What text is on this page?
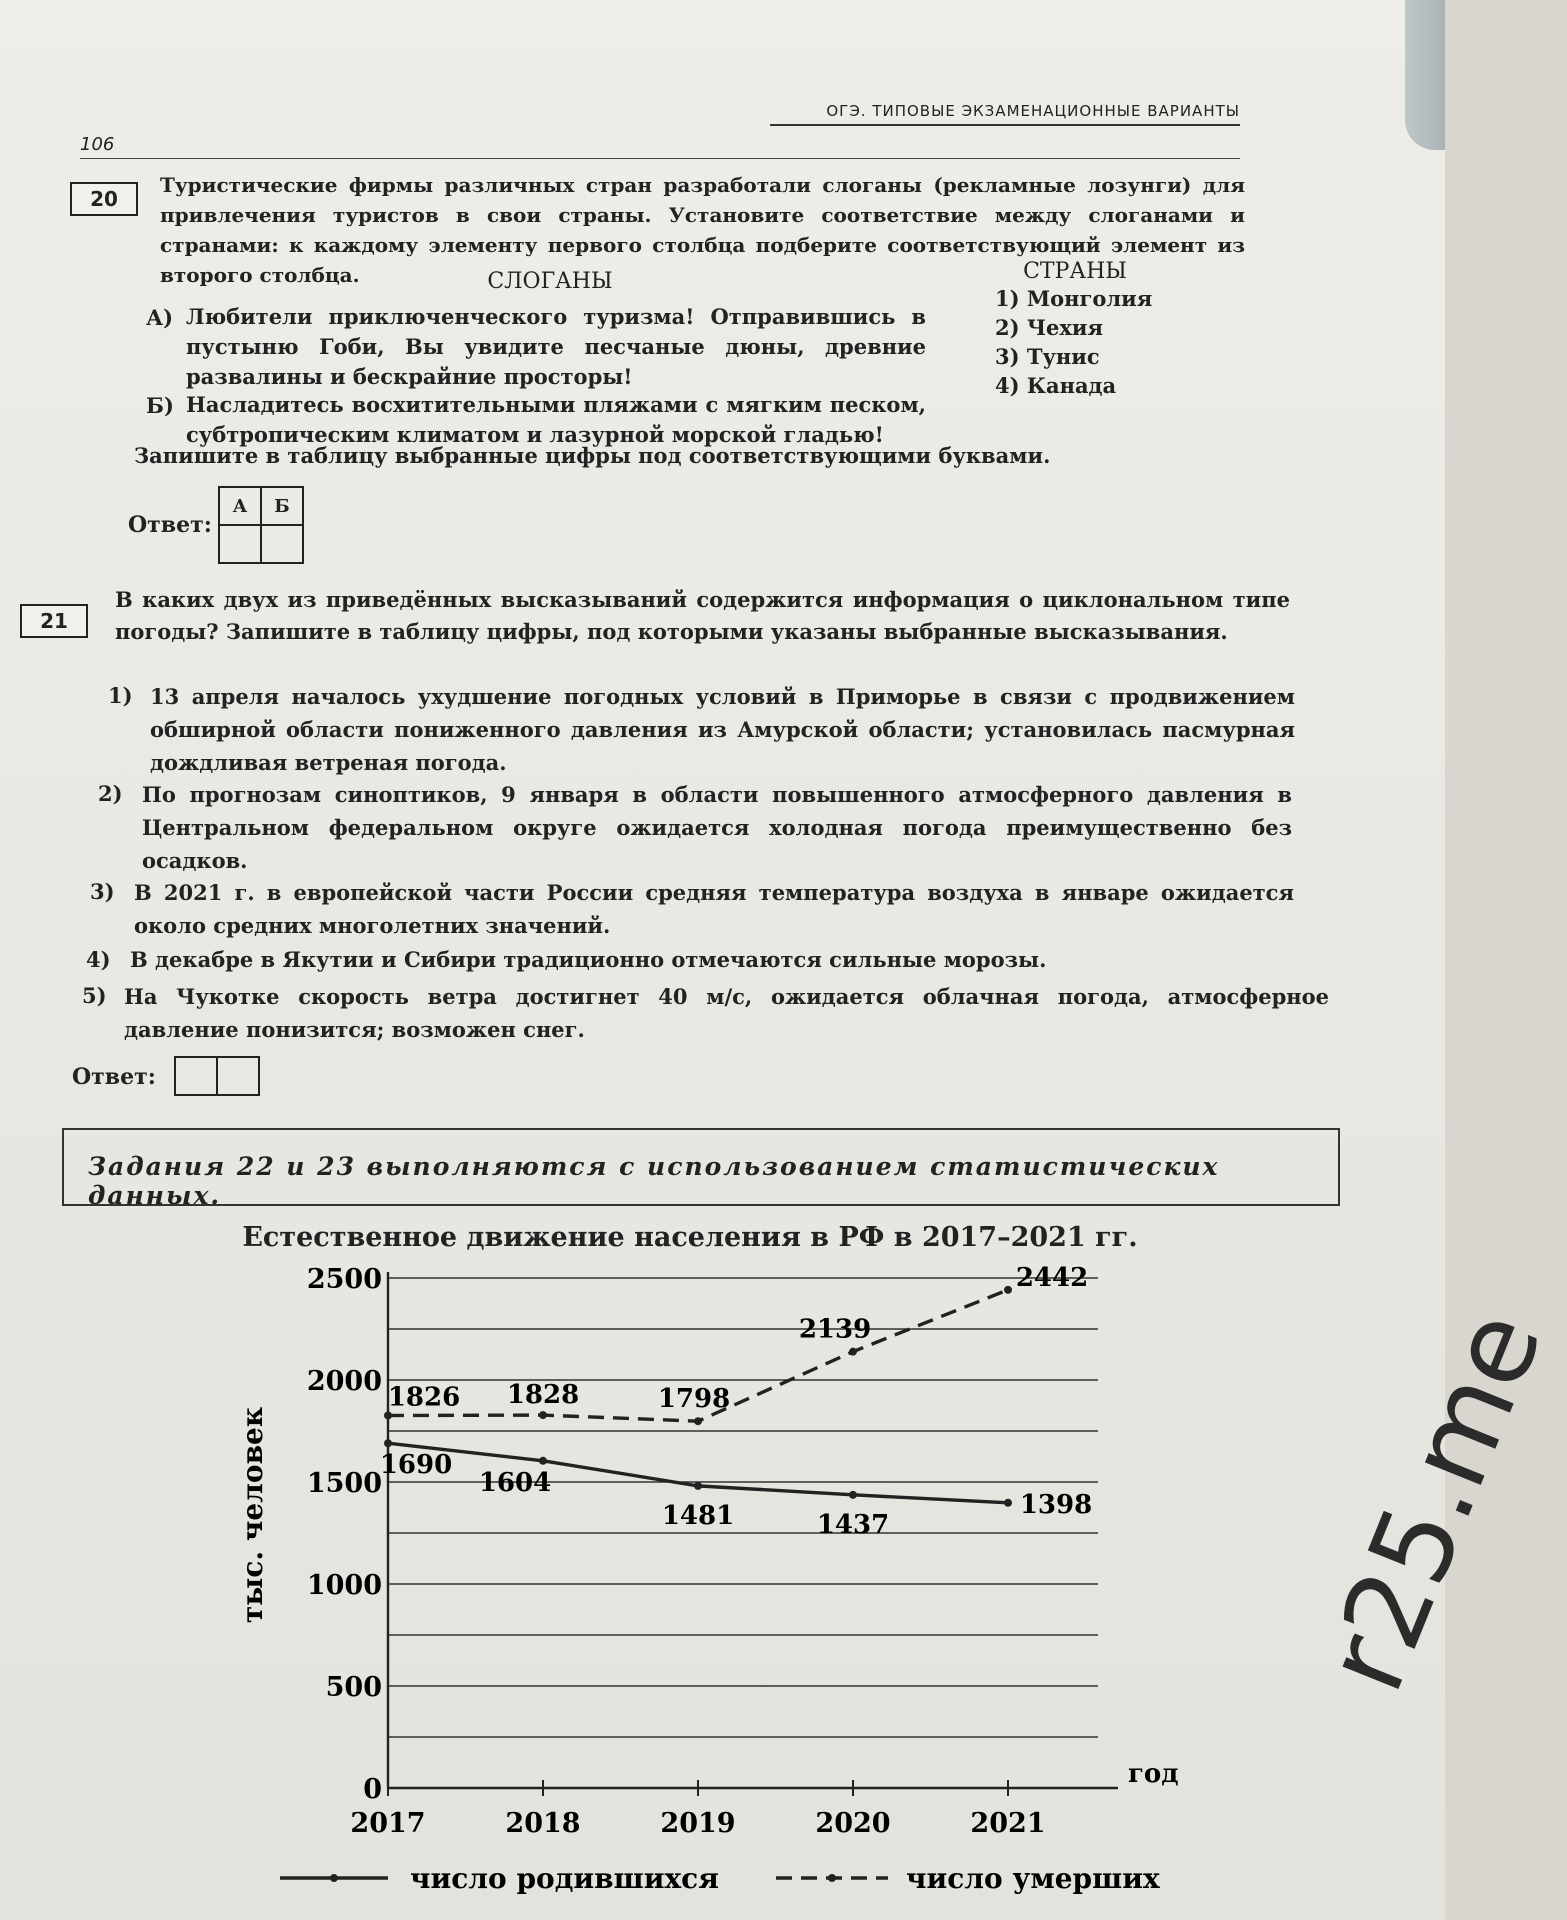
ОГЭ. ТИПОВЫЕ ЭКЗАМЕНАЦИОННЫЕ ВАРИАНТЫ
106
20
Туристические фирмы различных стран разработали слоганы (рекламные лозунги) для привлечения туристов в свои страны. Установите соответствие между слоганами и странами: к каждому элементу первого столбца подберите соответствующий элемент из второго столбца.	СЛОГАНЫ	СТРАНЫ
А) Любители приключенческого туризма! Отправившись в пустыню Гоби, Вы увидите песчаные дюны, древние развалины и бескрайние просторы!
Б) Насладитесь восхитительными пляжами с мягким песком, субтропическим климатом и лазурной морской гладью!
1) Монголия
2) Чехия
3) Тунис
4) Канада
Запишите в таблицу выбранные цифры под соответствующими буквами.
Ответ:
А	Б

21
В каких двух из приведённых высказываний содержится информация о циклональном типе погоды? Запишите в таблицу цифры, под которыми указаны выбранные высказывания.
1) 13 апреля началось ухудшение погодных условий в Приморье в связи с продвижением обширной области пониженного давления из Амурской области; установилась пасмурная дождливая ветреная погода.
2) По прогнозам синоптиков, 9 января в области повышенного атмосферного давления в Центральном федеральном округе ожидается холодная погода преимущественно без осадков.
3) В 2021 г. в европейской части России средняя температура воздуха в январе ожидается около средних многолетних значений.
4) В декабре в Якутии и Сибири традиционно отмечаются сильные морозы.
5) На Чукотке скорость ветра достигнет 40 м/с, ожидается облачная погода, атмосферное давление понизится; возможен снег.
Ответ:

Задания 22 и 23 выполняются с использованием статистических данных.
Естественное движение населения в РФ в 2017–2021 гг.
0
500
1000
1500
2000
2500
2017	2018	2019	2020	2021
1690
1604
1481	1437
1398
1826 1828	1798
2139
2442
тыс. человек
год
число родившихся	число умерших
r25.me
